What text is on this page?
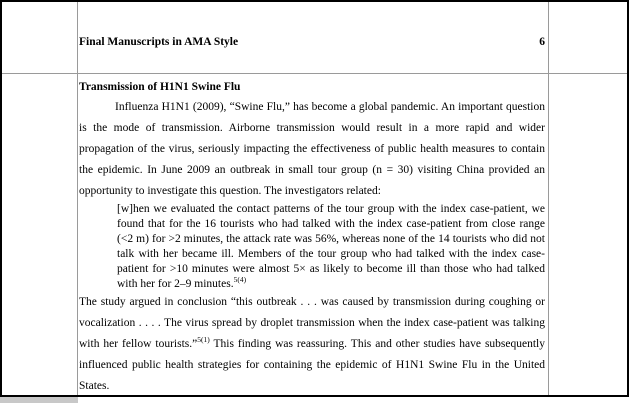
Final Manuscripts in AMA Style	6
Transmission of H1N1 Swine Flu

Influenza H1N1 (2009), “Swine Flu,” has become a global pandemic. An important question is the mode of transmission. Airborne transmission would result in a more rapid and wider propagation of the virus, seriously impacting the effectiveness of public health measures to contain the epidemic. In June 2009 an outbreak in small tour group (n = 30) visiting China provided an opportunity to investigate this question. The investigators related:

[w]hen we evaluated the contact patterns of the tour group with the index case-patient, we found that for the 16 tourists who had talked with the index case-patient from close range (<2 m) for >2 minutes, the attack rate was 56%, whereas none of the 14 tourists who did not talk with her became ill. Members of the tour group who had talked with the index case-patient for >10 minutes were almost 5× as likely to become ill than those who had talked with her for 2–9 minutes.$^{5(4)}$

The study argued in conclusion “this outbreak . . . was caused by transmission during coughing or vocalization . . . . The virus spread by droplet transmission when the index case-patient was talking with her fellow tourists.”$^{5(1)}$ This finding was reassuring. This and other studies have subsequently influenced public health strategies for containing the epidemic of H1N1 Swine Flu in the United States.
